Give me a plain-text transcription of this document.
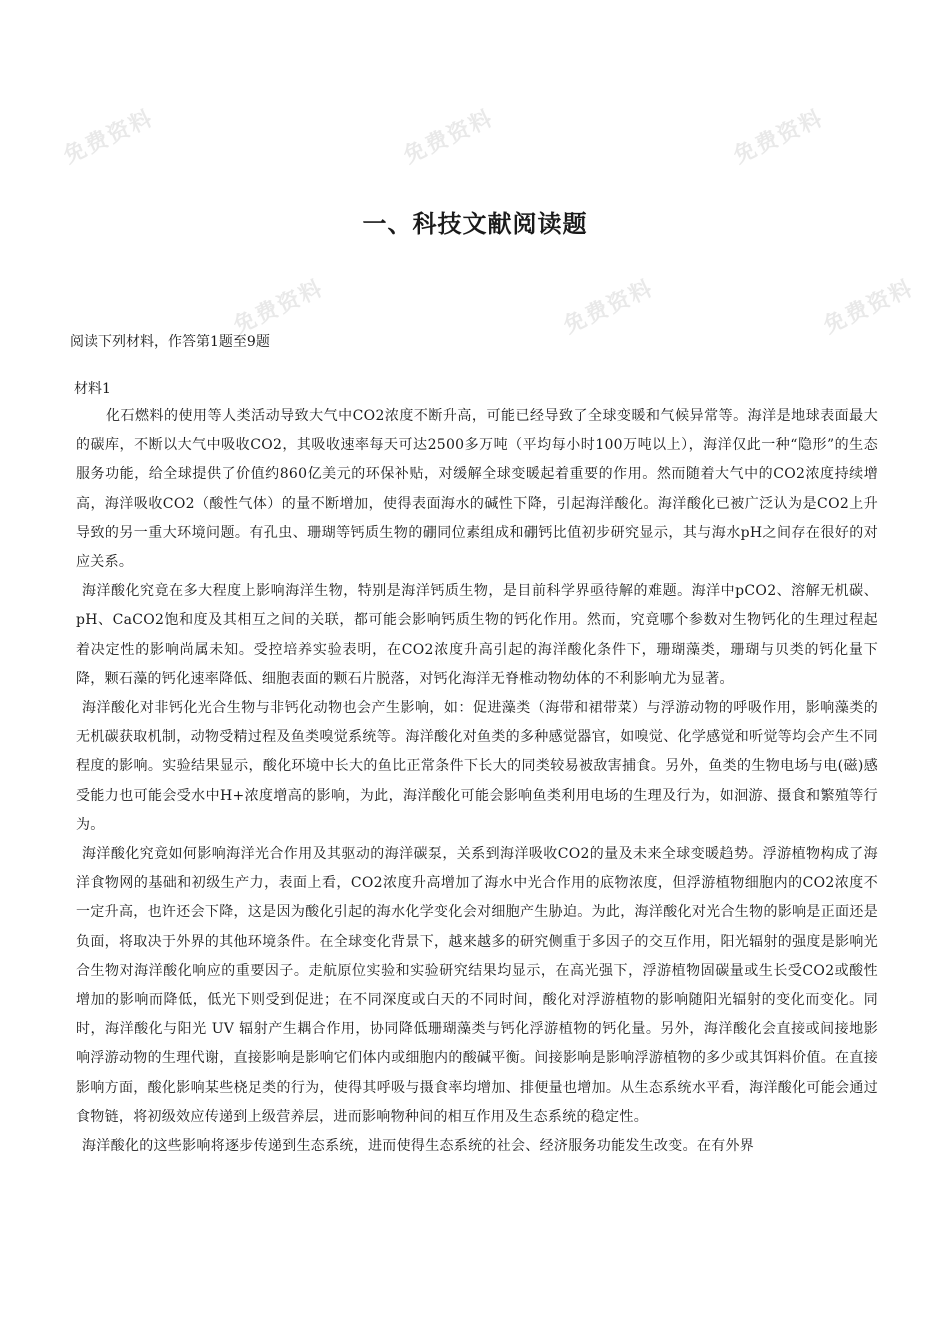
免费资料	免费资料	免费资料
免费资料	免费资料	免费资料
一、科技文献阅读题

阅读下列材料，作答第1题至9题

材料1

化石燃料的使用等人类活动导致大气中CO2浓度不断升高，可能已经导致了全球变暖和气候异常等。海洋是地球表面最大的碳库，不断以大气中吸收CO2，其吸收速率每天可达2500多万吨（平均每小时100万吨以上），海洋仅此一种“隐形”的生态服务功能，给全球提供了价值约860亿美元的环保补贴，对缓解全球变暖起着重要的作用。然而随着大气中的CO2浓度持续增高，海洋吸收CO2（酸性气体）的量不断增加，使得表面海水的碱性下降，引起海洋酸化。海洋酸化已被广泛认为是CO2上升导致的另一重大环境问题。有孔虫、珊瑚等钙质生物的硼同位素组成和硼钙比值初步研究显示，其与海水pH之间存在很好的对应关系。

海洋酸化究竟在多大程度上影响海洋生物，特别是海洋钙质生物，是目前科学界亟待解的难题。海洋中pCO2、溶解无机碳、pH、CaCO2饱和度及其相互之间的关联，都可能会影响钙质生物的钙化作用。然而，究竟哪个参数对生物钙化的生理过程起着决定性的影响尚属未知。受控培养实验表明，在CO2浓度升高引起的海洋酸化条件下，珊瑚藻类，珊瑚与贝类的钙化量下降，颗石藻的钙化速率降低、细胞表面的颗石片脱落，对钙化海洋无脊椎动物幼体的不利影响尤为显著。

海洋酸化对非钙化光合生物与非钙化动物也会产生影响，如：促进藻类（海带和裙带菜）与浮游动物的呼吸作用，影响藻类的无机碳获取机制，动物受精过程及鱼类嗅觉系统等。海洋酸化对鱼类的多种感觉器官，如嗅觉、化学感觉和听觉等均会产生不同程度的影响。实验结果显示，酸化环境中长大的鱼比正常条件下长大的同类较易被敌害捕食。另外，鱼类的生物电场与电(磁)感受能力也可能会受水中H+浓度增高的影响，为此，海洋酸化可能会影响鱼类利用电场的生理及行为，如洄游、摄食和繁殖等行为。

海洋酸化究竟如何影响海洋光合作用及其驱动的海洋碳泵，关系到海洋吸收CO2的量及未来全球变暖趋势。浮游植物构成了海洋食物网的基础和初级生产力，表面上看，CO2浓度升高增加了海水中光合作用的底物浓度，但浮游植物细胞内的CO2浓度不一定升高，也许还会下降，这是因为酸化引起的海水化学变化会对细胞产生胁迫。为此，海洋酸化对光合生物的影响是正面还是负面，将取决于外界的其他环境条件。在全球变化背景下，越来越多的研究侧重于多因子的交互作用，阳光辐射的强度是影响光合生物对海洋酸化响应的重要因子。走航原位实验和实验研究结果均显示，在高光强下，浮游植物固碳量或生长受CO2或酸性增加的影响而降低，低光下则受到促进；在不同深度或白天的不同时间，酸化对浮游植物的影响随阳光辐射的变化而变化。同时，海洋酸化与阳光 UV 辐射产生耦合作用，协同降低珊瑚藻类与钙化浮游植物的钙化量。另外，海洋酸化会直接或间接地影响浮游动物的生理代谢，直接影响是影响它们体内或细胞内的酸碱平衡。间接影响是影响浮游植物的多少或其饵料价值。在直接影响方面，酸化影响某些桡足类的行为，使得其呼吸与摄食率均增加、排便量也增加。从生态系统水平看，海洋酸化可能会通过食物链，将初级效应传递到上级营养层，进而影响物种间的相互作用及生态系统的稳定性。

海洋酸化的这些影响将逐步传递到生态系统，进而使得生态系统的社会、经济服务功能发生改变。在有外界
